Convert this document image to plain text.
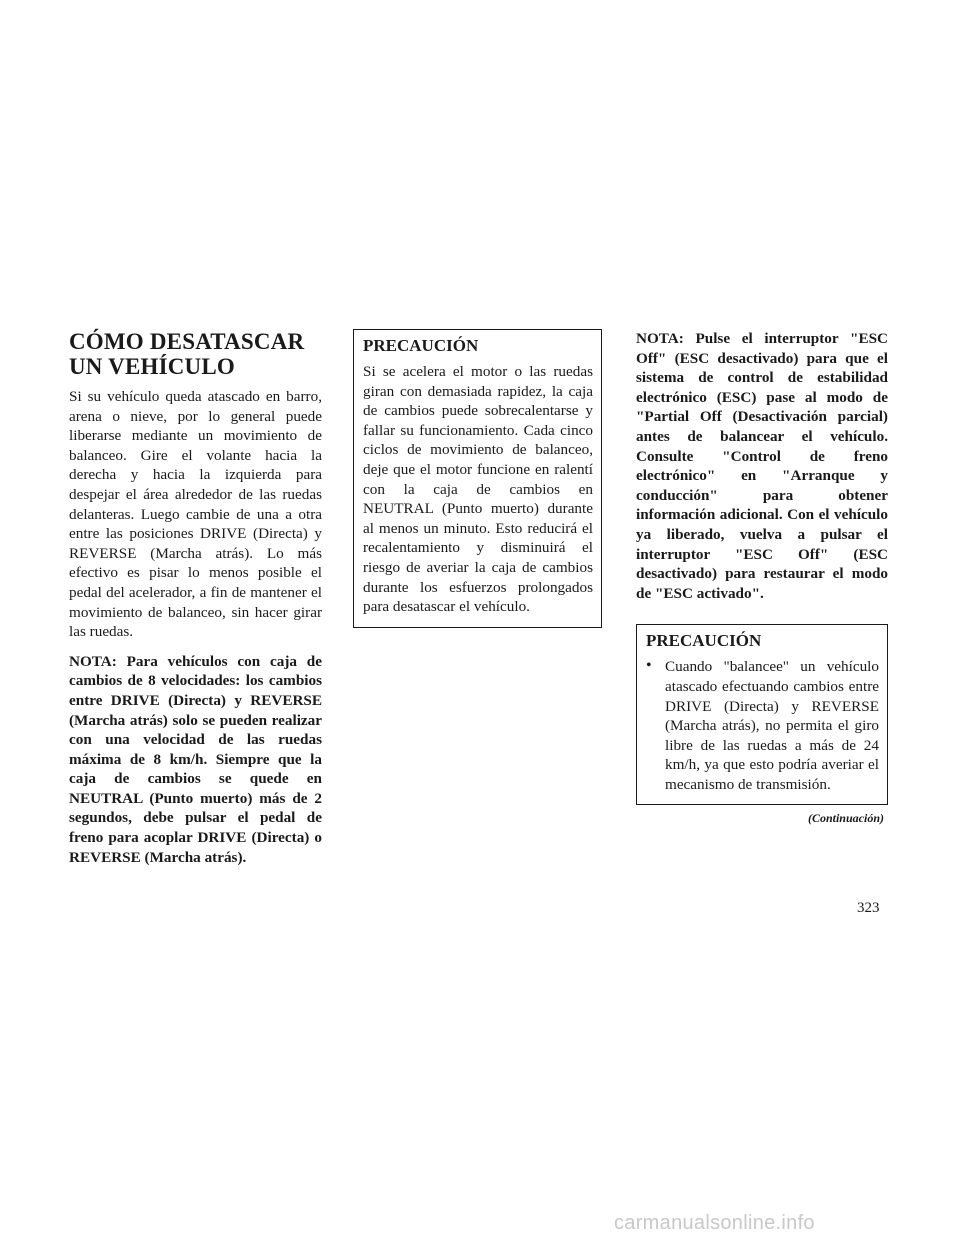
CÓMO DESATASCAR UN VEHÍCULO

Si su vehículo queda atascado en barro, arena o nieve, por lo general puede liberarse mediante un movimiento de balanceo. Gire el volante hacia la derecha y hacia la izquierda para despejar el área alrededor de las ruedas delanteras. Luego cambie de una a otra entre las posiciones DRIVE (Directa) y REVERSE (Marcha atrás). Lo más efectivo es pisar lo menos posible el pedal del acelerador, a fin de mantener el movimiento de balanceo, sin hacer girar las ruedas.

NOTA: Para vehículos con caja de cambios de 8 velocidades: los cambios entre DRIVE (Directa) y REVERSE (Marcha atrás) solo se pueden realizar con una velocidad de las ruedas máxima de 8 km/h. Siempre que la caja de cambios se quede en NEUTRAL (Punto muerto) más de 2 segundos, debe pulsar el pedal de freno para acoplar DRIVE (Directa) o REVERSE (Marcha atrás).

PRECAUCIÓN

Si se acelera el motor o las ruedas giran con demasiada rapidez, la caja de cambios puede sobrecalentarse y fallar su funcionamiento. Cada cinco ciclos de movimiento de balanceo, deje que el motor funcione en ralentí con la caja de cambios en NEUTRAL (Punto muerto) durante al menos un minuto. Esto reducirá el recalentamiento y disminuirá el riesgo de averiar la caja de cambios durante los esfuerzos prolongados para desatascar el vehículo.

NOTA: Pulse el interruptor "ESC Off" (ESC desactivado) para que el sistema de control de estabilidad electrónico (ESC) pase al modo de "Partial Off (Desactivación parcial) antes de balancear el vehículo. Consulte "Control de freno electrónico" en "Arranque y conducción" para obtener información adicional. Con el vehículo ya liberado, vuelva a pulsar el interruptor "ESC Off" (ESC desactivado) para restaurar el modo de "ESC activado".

PRECAUCIÓN
• Cuando "balancee" un vehículo atascado efectuando cambios entre DRIVE (Directa) y REVERSE (Marcha atrás), no permita el giro libre de las ruedas a más de 24 km/h, ya que esto podría averiar el mecanismo de transmisión.

(Continuación)
323
carmanualsonline.info
